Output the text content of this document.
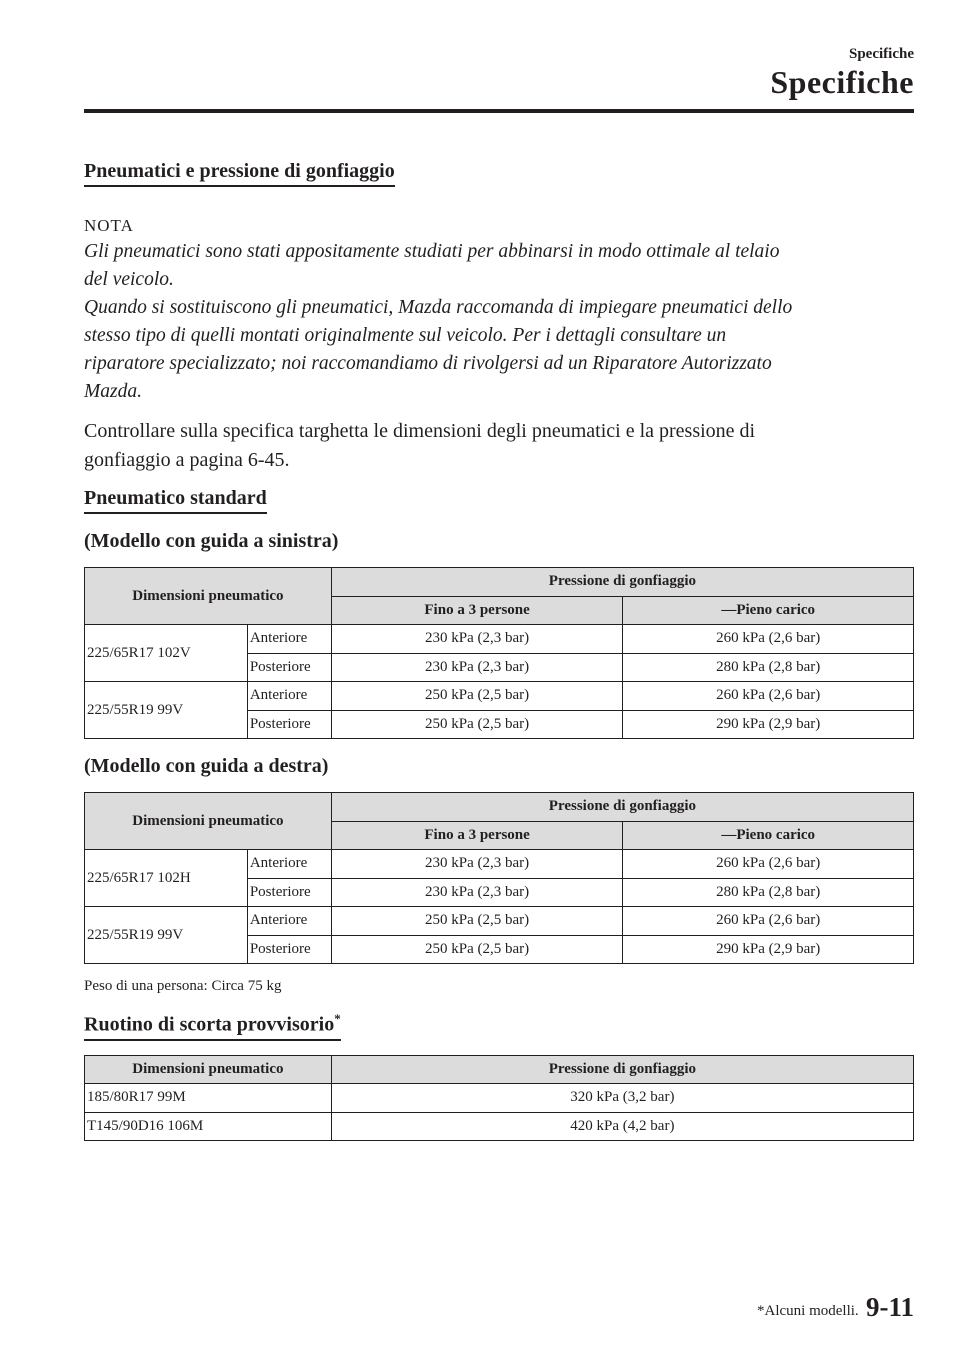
Specifiche
Specifiche
Pneumatici e pressione di gonfiaggio
NOTA
Gli pneumatici sono stati appositamente studiati per abbinarsi in modo ottimale al telaio
del veicolo.
Quando si sostituiscono gli pneumatici, Mazda raccomanda di impiegare pneumatici dello
stesso tipo di quelli montati originalmente sul veicolo. Per i dettagli consultare un
riparatore specializzato; noi raccomandiamo di rivolgersi ad un Riparatore Autorizzato
Mazda.
Controllare sulla specifica targhetta le dimensioni degli pneumatici e la pressione di
gonfiaggio a pagina 6-45.
Pneumatico standard
(Modello con guida a sinistra)
Dimensioni pneumatico		Pressione di gonfiaggio	
		Fino a 3 persone	—Pieno carico
225/65R17 102V	Anteriore	230 kPa (2,3 bar)	260 kPa (2,6 bar)
	Posteriore	230 kPa (2,3 bar)	280 kPa (2,8 bar)
225/55R19 99V	Anteriore	250 kPa (2,5 bar)	260 kPa (2,6 bar)
	Posteriore	250 kPa (2,5 bar)	290 kPa (2,9 bar)
(Modello con guida a destra)
Dimensioni pneumatico		Pressione di gonfiaggio	
		Fino a 3 persone	—Pieno carico
225/65R17 102H	Anteriore	230 kPa (2,3 bar)	260 kPa (2,6 bar)
	Posteriore	230 kPa (2,3 bar)	280 kPa (2,8 bar)
225/55R19 99V	Anteriore	250 kPa (2,5 bar)	260 kPa (2,6 bar)
	Posteriore	250 kPa (2,5 bar)	290 kPa (2,9 bar)
Peso di una persona: Circa 75 kg
Ruotino di scorta provvisorio*
Dimensioni pneumatico	Pressione di gonfiaggio
185/80R17 99M	320 kPa (3,2 bar)
T145/90D16 106M	420 kPa (4,2 bar)
*Alcuni modelli. 9-11
